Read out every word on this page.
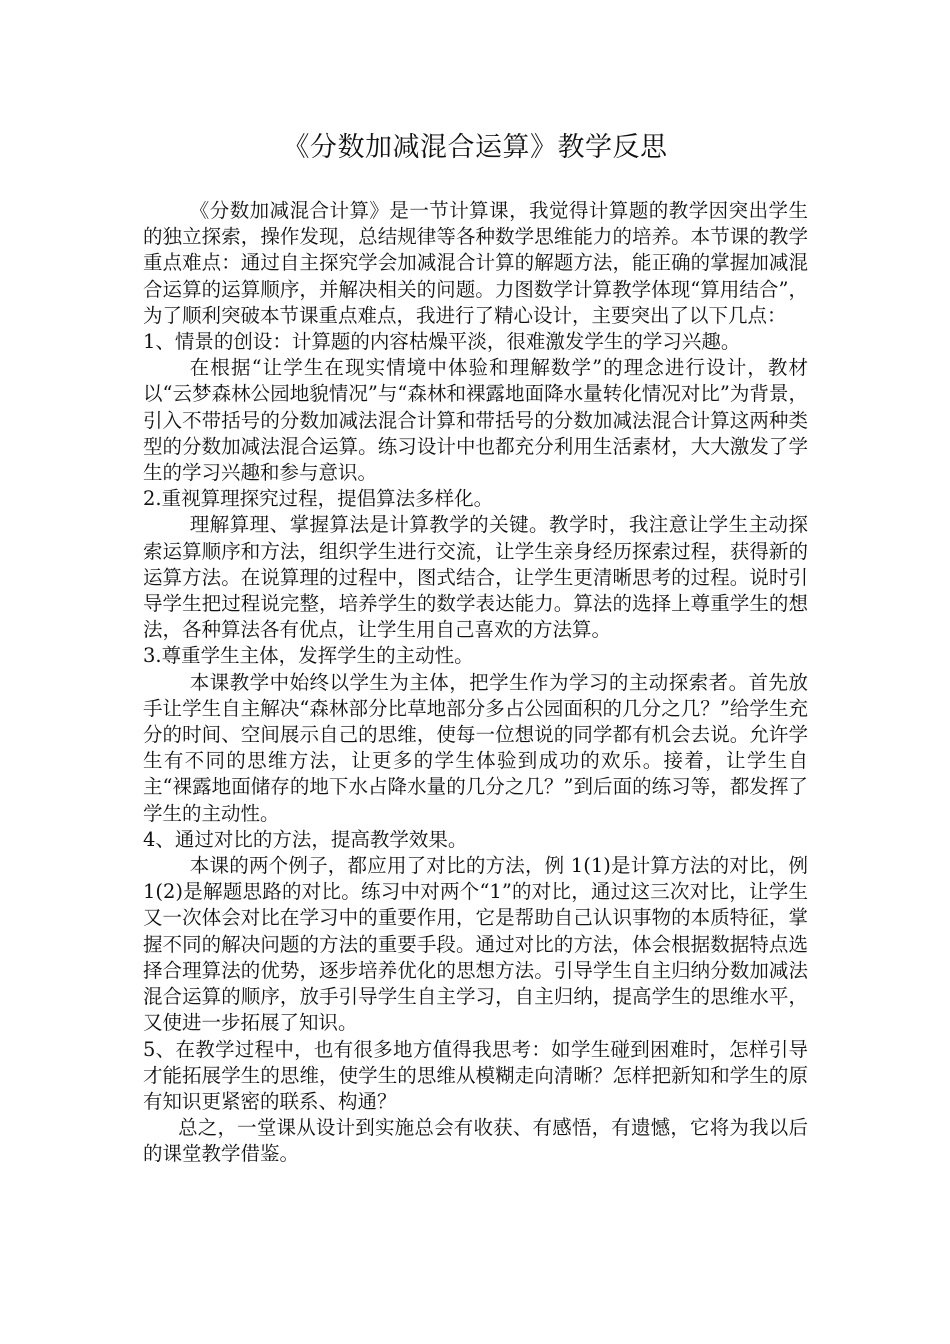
《分数加减混合运算》教学反思

《分数加减混合计算》是一节计算课，我觉得计算题的教学因突出学生的独立探索，操作发现，总结规律等各种数学思维能力的培养。本节课的教学重点难点：通过自主探究学会加减混合计算的解题方法，能正确的掌握加减混合运算的运算顺序，并解决相关的问题。力图数学计算教学体现“算用结合”，为了顺利突破本节课重点难点，我进行了精心设计，主要突出了以下几点：

1、情景的创设：计算题的内容枯燥平淡，很难激发学生的学习兴趣。

在根据“让学生在现实情境中体验和理解数学”的理念进行设计，教材以“云梦森林公园地貌情况”与“森林和裸露地面降水量转化情况对比”为背景，引入不带括号的分数加减法混合计算和带括号的分数加减法混合计算这两种类型的分数加减法混合运算。练习设计中也都充分利用生活素材，大大激发了学生的学习兴趣和参与意识。

2.重视算理探究过程，提倡算法多样化。

理解算理、掌握算法是计算教学的关键。教学时，我注意让学生主动探索运算顺序和方法，组织学生进行交流，让学生亲身经历探索过程，获得新的运算方法。在说算理的过程中，图式结合，让学生更清晰思考的过程。说时引导学生把过程说完整，培养学生的数学表达能力。算法的选择上尊重学生的想法，各种算法各有优点，让学生用自己喜欢的方法算。

3.尊重学生主体，发挥学生的主动性。

本课教学中始终以学生为主体，把学生作为学习的主动探索者。首先放手让学生自主解决“森林部分比草地部分多占公园面积的几分之几？”给学生充分的时间、空间展示自己的思维，使每一位想说的同学都有机会去说。允许学生有不同的思维方法，让更多的学生体验到成功的欢乐。接着，让学生自主“裸露地面储存的地下水占降水量的几分之几？”到后面的练习等，都发挥了学生的主动性。

4、通过对比的方法，提高教学效果。

本课的两个例子，都应用了对比的方法，例 1(1)是计算方法的对比，例 1(2)是解题思路的对比。练习中对两个“1”的对比，通过这三次对比，让学生又一次体会对比在学习中的重要作用，它是帮助自己认识事物的本质特征，掌握不同的解决问题的方法的重要手段。通过对比的方法，体会根据数据特点选择合理算法的优势，逐步培养优化的思想方法。引导学生自主归纳分数加减法混合运算的顺序，放手引导学生自主学习，自主归纳，提高学生的思维水平，又使进一步拓展了知识。

5、在教学过程中，也有很多地方值得我思考：如学生碰到困难时，怎样引导才能拓展学生的思维，使学生的思维从模糊走向清晰？怎样把新知和学生的原有知识更紧密的联系、构通？

总之，一堂课从设计到实施总会有收获、有感悟，有遗憾，它将为我以后的课堂教学借鉴。
